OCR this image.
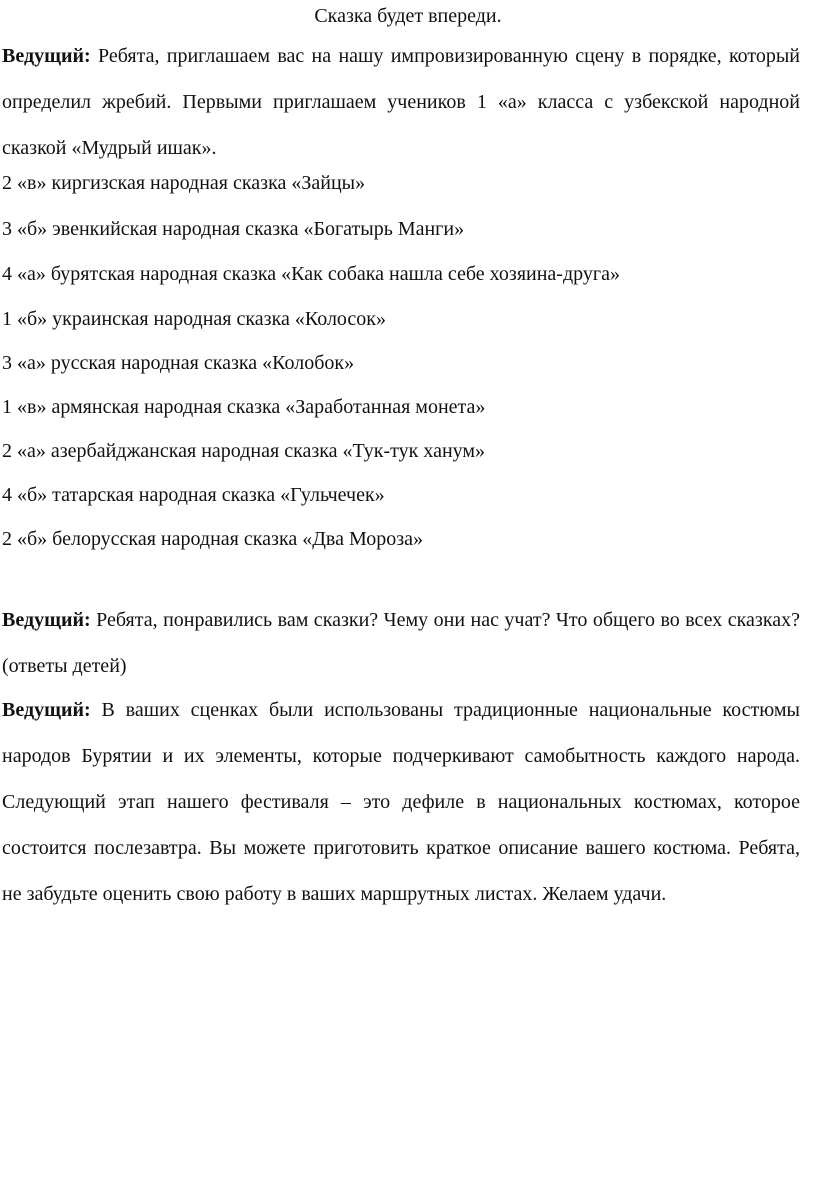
Сказка будет впереди.

Ведущий: Ребята, приглашаем вас на нашу импровизированную сцену в порядке, который определил жребий. Первыми приглашаем учеников 1 «а» класса с узбекской народной сказкой «Мудрый ишак».

2 «в» киргизская народная сказка «Зайцы»

3 «б» эвенкийская народная сказка «Богатырь Манги»

4 «а» бурятская народная сказка «Как собака нашла себе хозяина-друга»

1 «б» украинская народная сказка «Колосок»

3 «а» русская народная сказка «Колобок»

1 «в» армянская народная сказка «Заработанная монета»

2 «а» азербайджанская народная сказка «Тук-тук ханум»

4 «б» татарская народная сказка «Гульчечек»

2 «б» белорусская народная сказка «Два Мороза»

Ведущий: Ребята, понравились вам сказки? Чему они нас учат? Что общего во всех сказках? (ответы детей)

Ведущий: В ваших сценках были использованы традиционные национальные костюмы народов Бурятии и их элементы, которые подчеркивают самобытность каждого народа. Следующий этап нашего фестиваля – это дефиле в национальных костюмах, которое состоится послезавтра. Вы можете приготовить краткое описание вашего костюма. Ребята, не забудьте оценить свою работу в ваших маршрутных листах. Желаем удачи.
